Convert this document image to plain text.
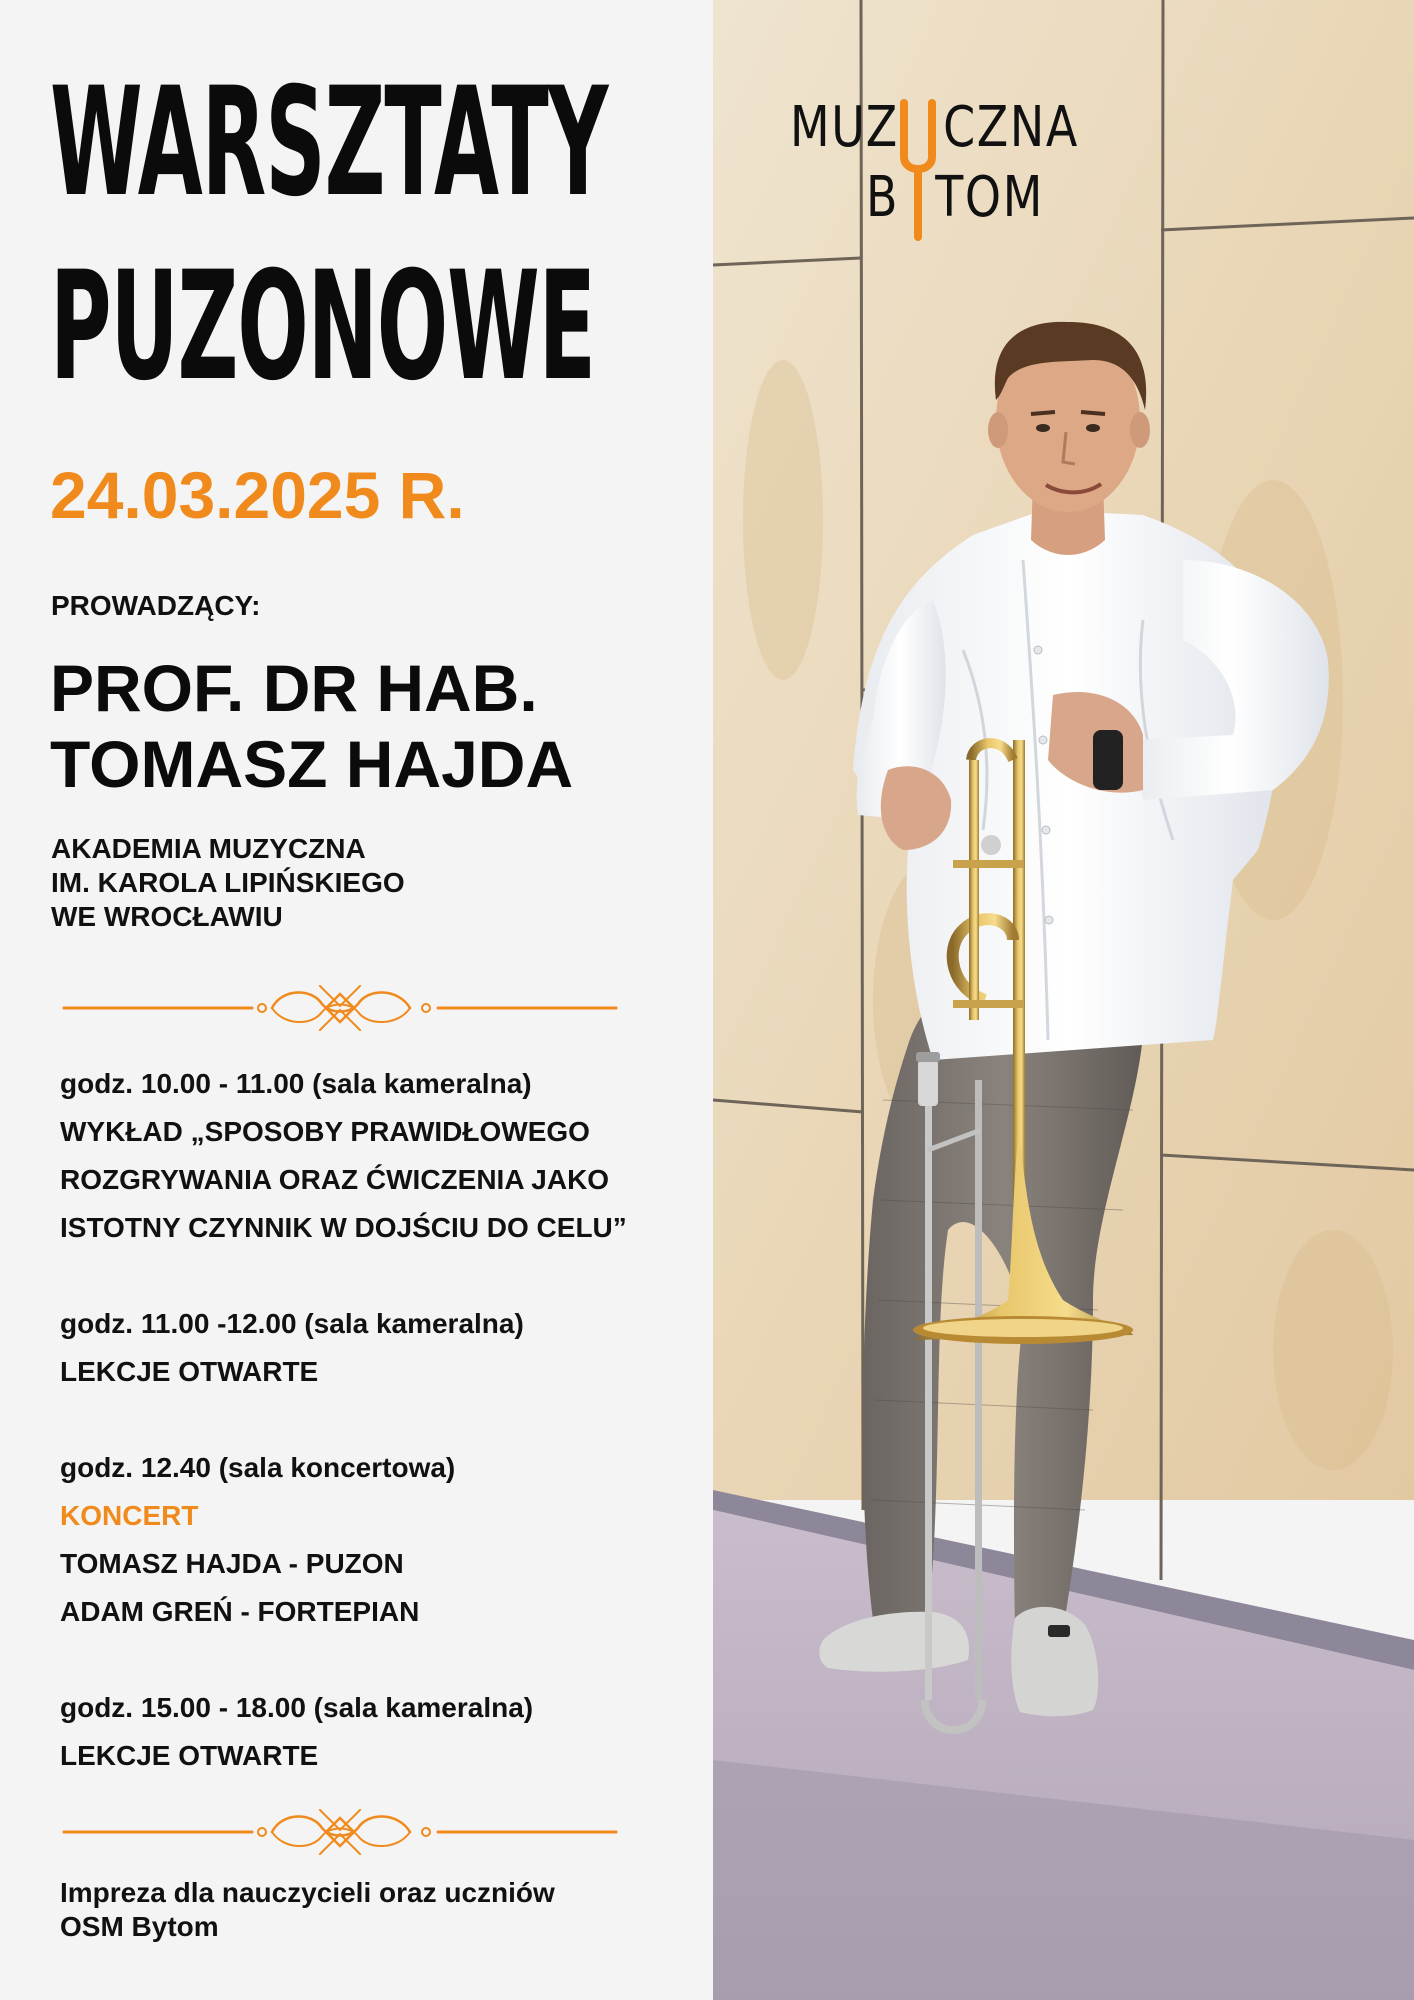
WARSZTATY
PUZONOWE
24.03.2025 R.
PROWADZĄCY:
PROF. DR HAB.
TOMASZ HAJDA
AKADEMIA MUZYCZNA
IM. KAROLA LIPIŃSKIEGO
WE WROCŁAWIU
godz. 10.00 - 11.00 (sala kameralna)
WYKŁAD „SPOSOBY PRAWIDŁOWEGO
ROZGRYWANIA ORAZ ĆWICZENIA JAKO
ISTOTNY CZYNNIK W DOJŚCIU DO CELU”
godz. 11.00 -12.00 (sala kameralna)
LEKCJE OTWARTE
godz. 12.40 (sala koncertowa)
KONCERT
TOMASZ HAJDA - PUZON
ADAM GREŃ - FORTEPIAN
godz. 15.00 - 18.00 (sala kameralna)
LEKCJE OTWARTE
Impreza dla nauczycieli oraz uczniów
OSM Bytom
MUZ CZNA
B TOM
